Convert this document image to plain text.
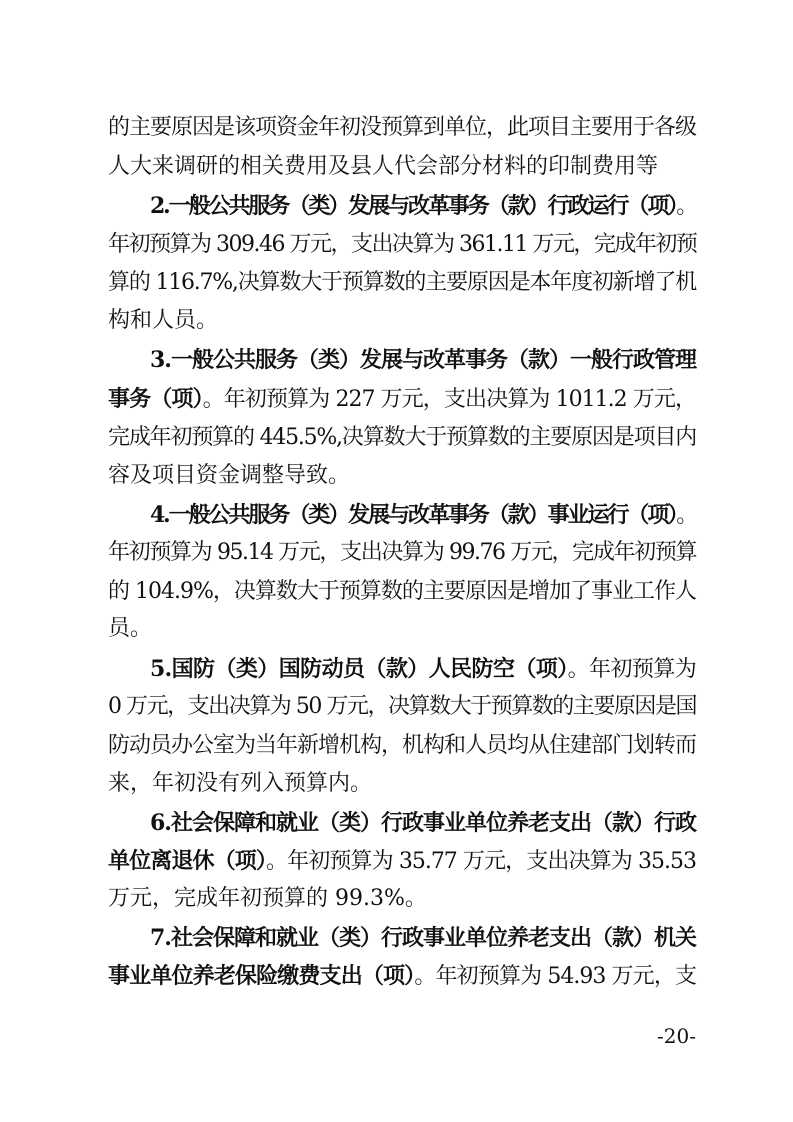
的主要原因是该项资金年初没预算到单位，此项目主要用于各级
人大来调研的相关费用及县人代会部分材料的印制费用等
2.一般公共服务（类）发展与改革事务（款）行政运行（项）。
年初预算为 309.46 万元，支出决算为 361.11 万元，完成年初预
算的 116.7%,决算数大于预算数的主要原因是本年度初新增了机
构和人员。
3.一般公共服务（类）发展与改革事务（款）一般行政管理
事务（项）。年初预算为 227 万元，支出决算为 1011.2 万元，
完成年初预算的 445.5%,决算数大于预算数的主要原因是项目内
容及项目资金调整导致。
4.一般公共服务（类）发展与改革事务（款）事业运行（项）。
年初预算为 95.14 万元，支出决算为 99.76 万元，完成年初预算
的 104.9%，决算数大于预算数的主要原因是增加了事业工作人
员。
5.国防（类）国防动员（款）人民防空（项）。年初预算为
0 万元，支出决算为 50 万元，决算数大于预算数的主要原因是国
防动员办公室为当年新增机构，机构和人员均从住建部门划转而
来，年初没有列入预算内。
6.社会保障和就业（类）行政事业单位养老支出（款）行政
单位离退休（项）。年初预算为 35.77 万元，支出决算为 35.53
万元，完成年初预算的 99.3%。
7.社会保障和就业（类）行政事业单位养老支出（款）机关
事业单位养老保险缴费支出（项）。年初预算为 54.93 万元，支
-20-
